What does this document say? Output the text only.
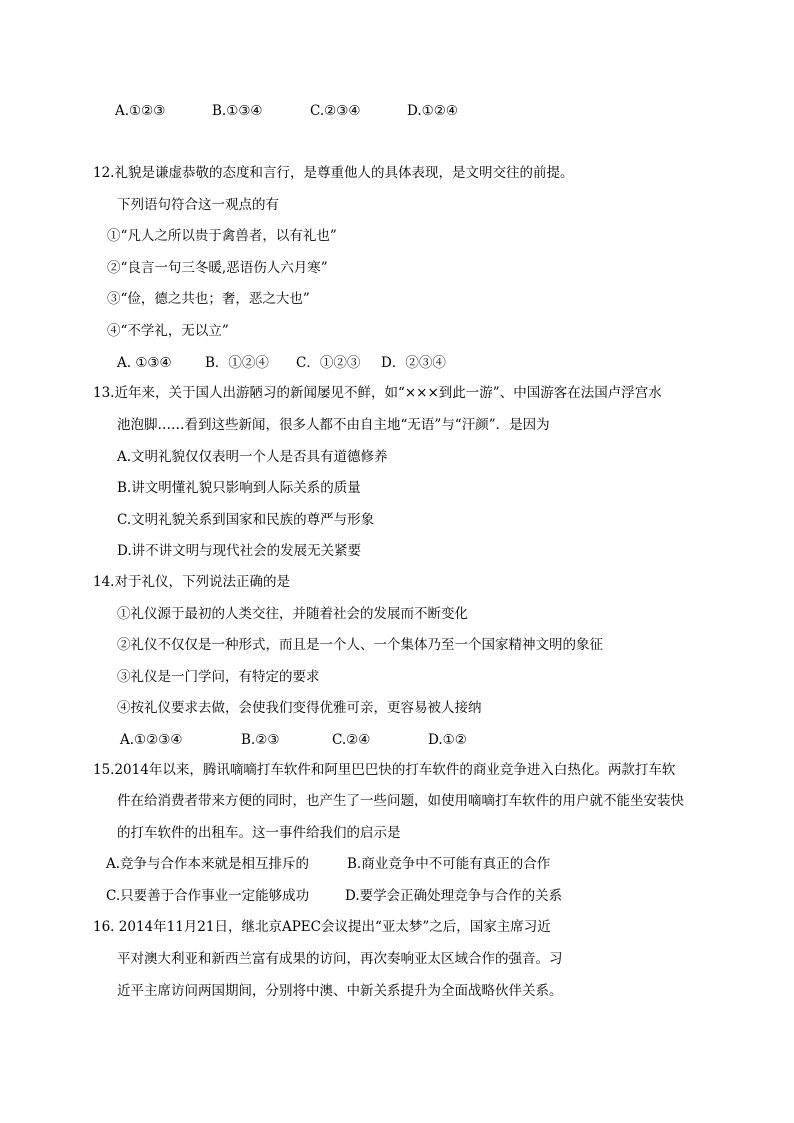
A.①②③	B.①③④	C.②③④	D.①②④
12.礼貌是谦虚恭敬的态度和言行，是尊重他人的具体表现，是文明交往的前提。
下列语句符合这一观点的有
①“凡人之所以贵于禽兽者，以有礼也”
②“良言一句三冬暖,恶语伤人六月寒”
③“俭，德之共也；奢，恶之大也”
④“不学礼，无以立”
A. ①③④ B．①②④ C．①②③ D．②③④
13.近年来，关于国人出游陋习的新闻屡见不鲜，如“×××到此一游”、中国游客在法国卢浮宫水
池泡脚……看到这些新闻，很多人都不由自主地“无语”与“汗颜”．是因为
A.文明礼貌仅仅表明一个人是否具有道德修养
B.讲文明懂礼貌只影响到人际关系的质量
C.文明礼貌关系到国家和民族的尊严与形象
D.讲不讲文明与现代社会的发展无关紧要
14.对于礼仪，下列说法正确的是
①礼仪源于最初的人类交往，并随着社会的发展而不断变化
②礼仪不仅仅是一种形式，而且是一个人、一个集体乃至一个国家精神文明的象征
③礼仪是一门学问，有特定的要求
④按礼仪要求去做，会使我们变得优雅可亲，更容易被人接纳
A.①②③④	B.②③	C.②④	D.①②
15.2014年以来，腾讯嘀嘀打车软件和阿里巴巴快的打车软件的商业竞争进入白热化。两款打车软
件在给消费者带来方便的同时，也产生了一些问题，如使用嘀嘀打车软件的用户就不能坐安装快
的打车软件的出租车。这一事件给我们的启示是
A.竞争与合作本来就是相互排斥的	B.商业竞争中不可能有真正的合作
C.只要善于合作事业一定能够成功	D.要学会正确处理竞争与合作的关系
16. 2014年11月21日，继北京APEC会议提出“亚太梦”之后，国家主席习近
平对澳大利亚和新西兰富有成果的访问，再次奏响亚太区域合作的强音。习
近平主席访问两国期间，分别将中澳、中新关系提升为全面战略伙伴关系。
